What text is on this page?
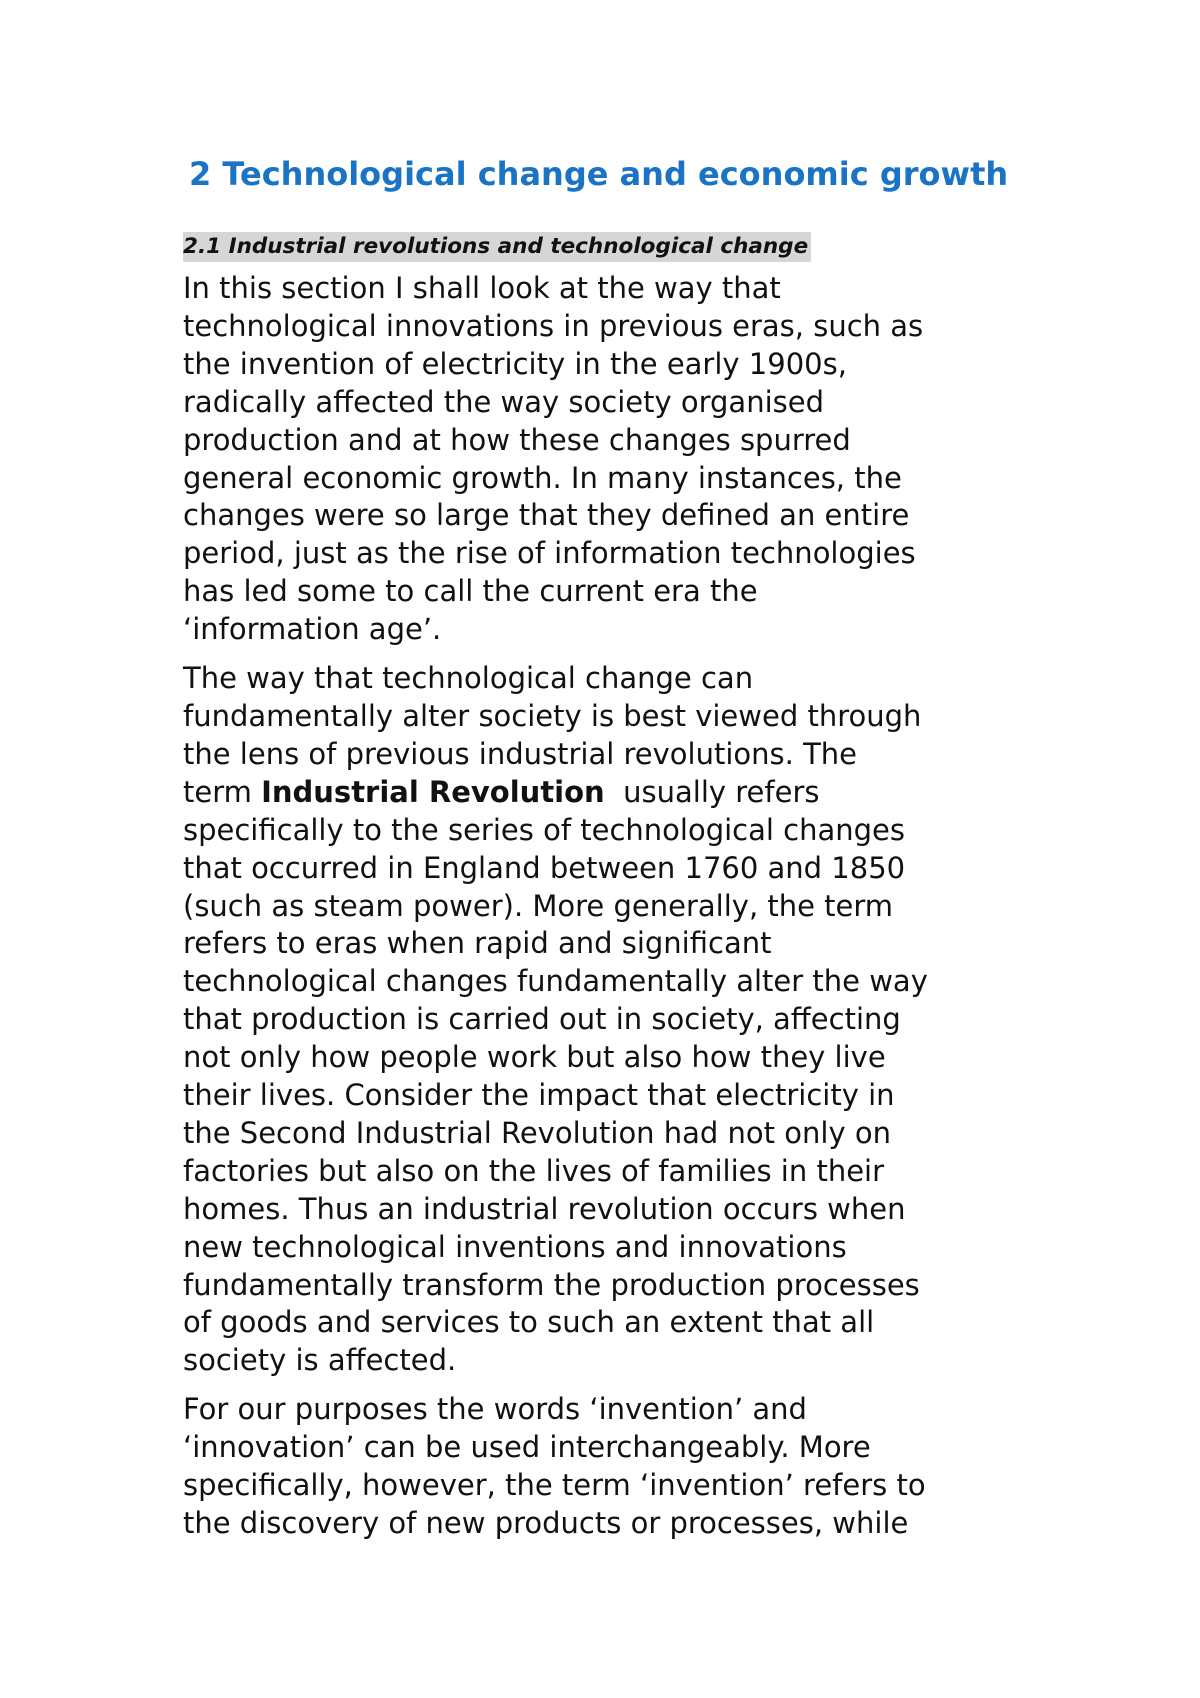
2 Technological change and economic growth
2.1 Industrial revolutions and technological change

In this section I shall look at the way that
technological innovations in previous eras, such as
the invention of electricity in the early 1900s,
radically affected the way society organised
production and at how these changes spurred
general economic growth. In many instances, the
changes were so large that they defined an entire
period, just as the rise of information technologies
has led some to call the current era the
‘information age’.

The way that technological change can
fundamentally alter society is best viewed through
the lens of previous industrial revolutions. The
term Industrial Revolution  usually refers
specifically to the series of technological changes
that occurred in England between 1760 and 1850
(such as steam power). More generally, the term
refers to eras when rapid and significant
technological changes fundamentally alter the way
that production is carried out in society, affecting
not only how people work but also how they live
their lives. Consider the impact that electricity in
the Second Industrial Revolution had not only on
factories but also on the lives of families in their
homes. Thus an industrial revolution occurs when
new technological inventions and innovations
fundamentally transform the production processes
of goods and services to such an extent that all
society is affected.

For our purposes the words ‘invention’ and
‘innovation’ can be used interchangeably. More
specifically, however, the term ‘invention’ refers to
the discovery of new products or processes, while
